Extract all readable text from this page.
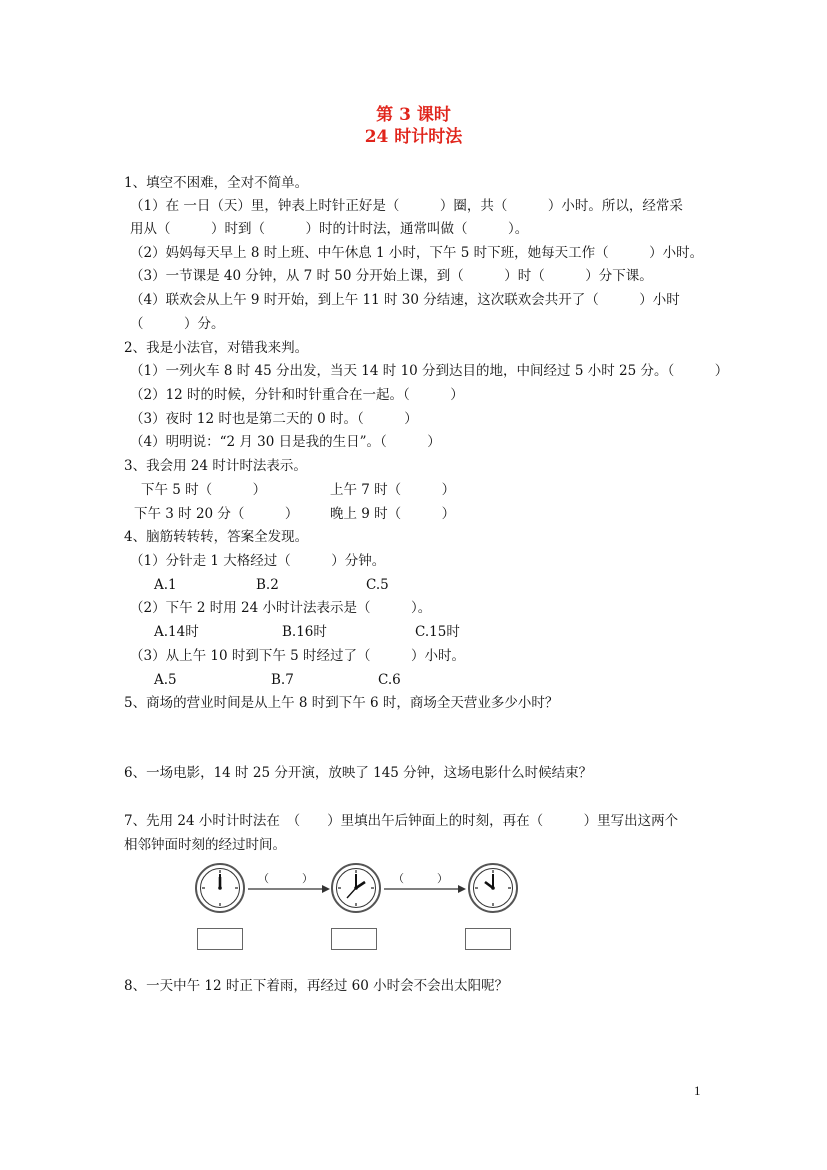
第 3 课时
24 时计时法
1、填空不困难，全对不简单。
（1）在 一日（天）里，钟表上时针正好是（　　　）圈，共（　　　）小时。所以，经常采
用从（　　　）时到（　　　）时的计时法，通常叫做（　　　）。
（2）妈妈每天早上 8 时上班、中午休息 1 小时，下午 5 时下班，她每天工作（　　　）小时。
（3）一节课是 40 分钟，从 7 时 50 分开始上课，到（　　　）时（　　　）分下课。
（4）联欢会从上午 9 时开始，到上午 11 时 30 分结速，这次联欢会共开了（　　　）小时
（　　　）分。
2、我是小法官，对错我来判。
（1）一列火车 8 时 45 分出发，当天 14 时 10 分到达目的地，中间经过 5 小时 25 分。（　　　）
（2）12 时的时候，分针和时针重合在一起。（　　　）
（3）夜时 12 时也是第二天的 0 时。（　　　）
（4）明明说：“2 月 30 日是我的生日”。（　　　）
3、我会用 24 时计时法表示。
下午 5 时（　　　）	上午 7 时（　　　）
下午 3 时 20 分（　　　） 晚上 9 时（　　　）
4、脑筋转转转，答案全发现。
（1）分针走 1 大格经过（　　　）分钟。
A.1	B.2	C.5
（2）下午 2 时用 24 小时计法表示是（　　　）。
A.14时	B.16时	C.15时
（3）从上午 10 时到下午 5 时经过了（　　　）小时。
A.5	B.7	C.6
5、商场的营业时间是从上午 8 时到下午 6 时，商场全天营业多少小时？
6、一场电影，14 时 25 分开演，放映了 145 分钟，这场电影什么时候结束？
7、先用 24 小时计时法在　（　　）里填出午后钟面上的时刻，再在（　　　）里写出这两个
相邻钟面时刻的经过时间。
（　　　）	（　　　）
8、一天中午 12 时正下着雨，再经过 60 小时会不会出太阳呢？
1
